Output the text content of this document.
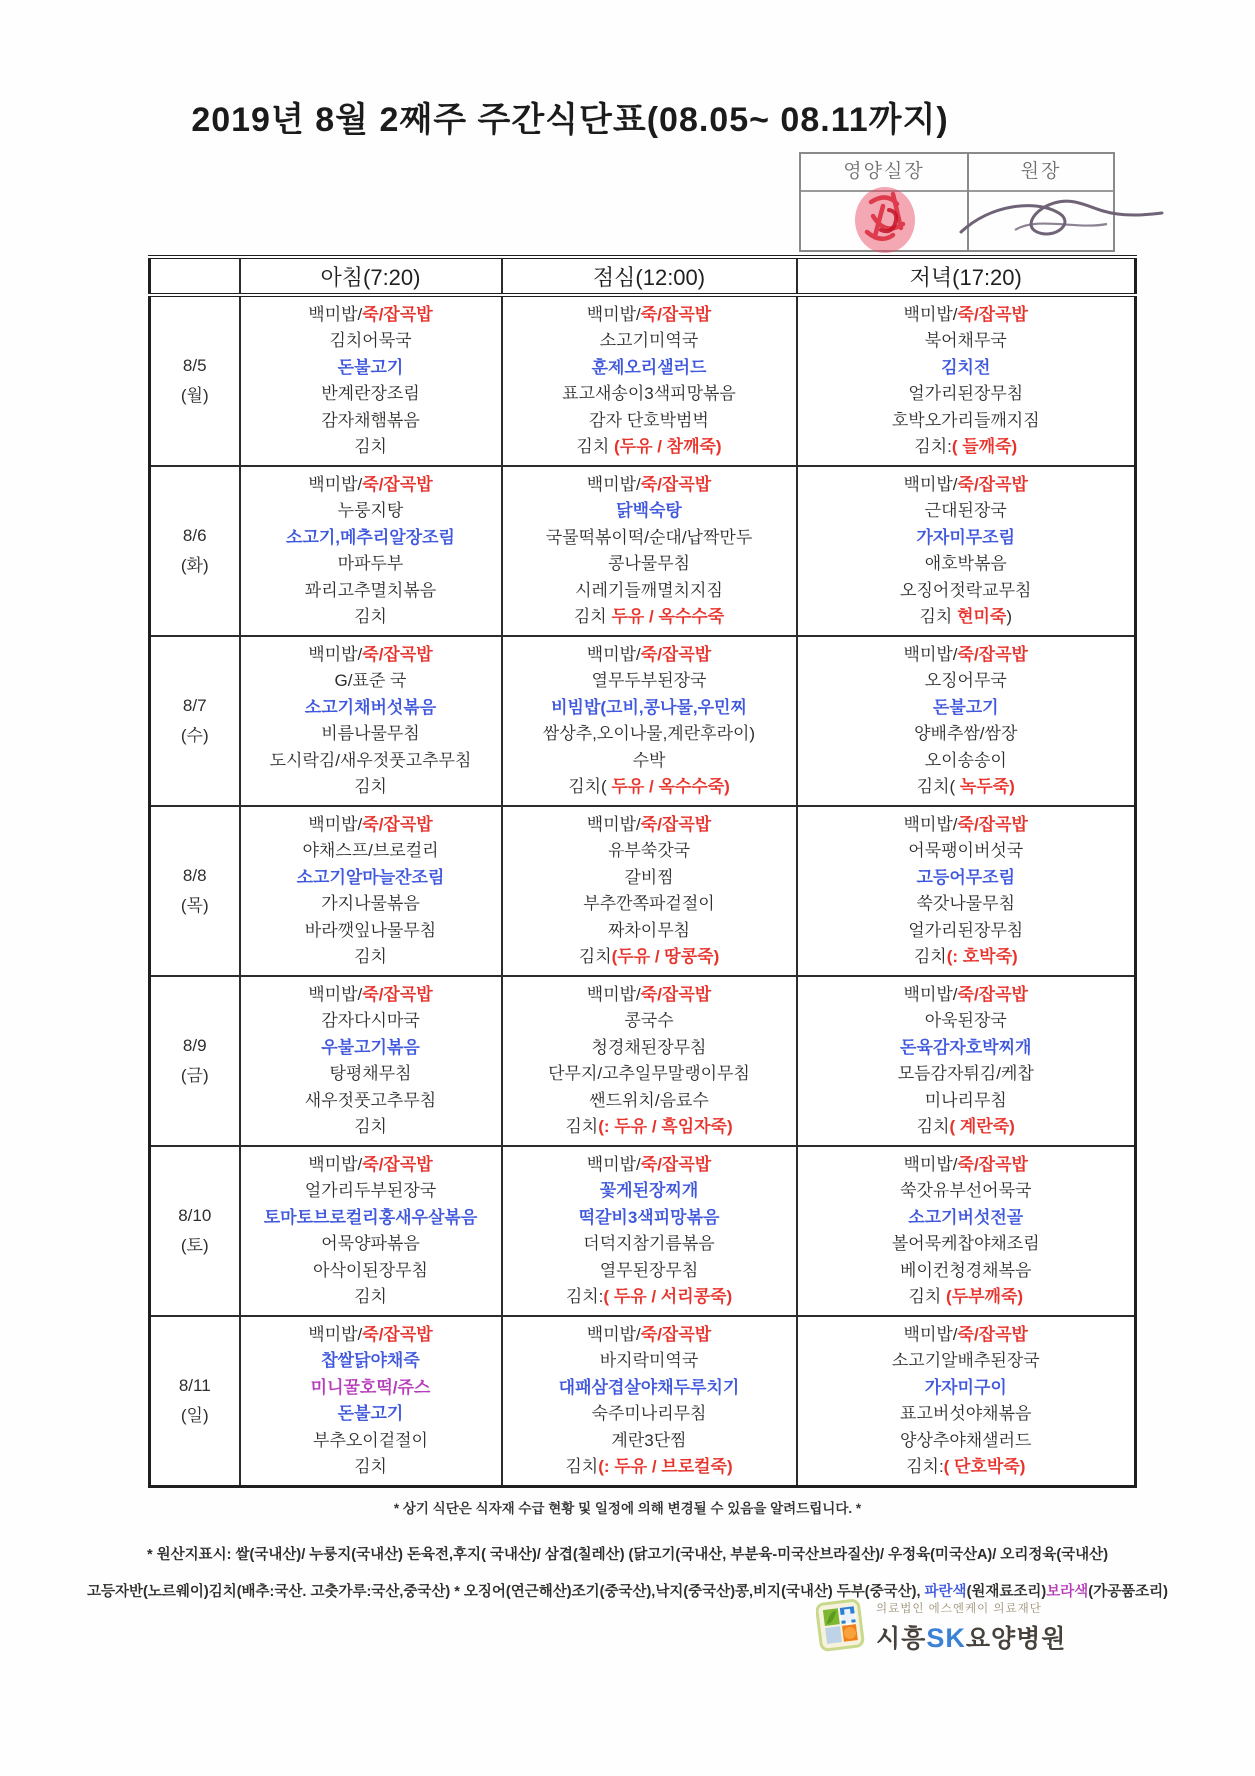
2019년 8월 2째주 주간식단표(08.05~ 08.11까지)
영양실장	원장
	아침(7:20)	점심(12:00)	저녁(17:20)

8/5
(월)

백미밥/죽/잡곡밥
김치어묵국
돈불고기
반계란장조림
감자채햄볶음
김치

백미밥/죽/잡곡밥
소고기미역국
훈제오리샐러드
표고새송이3색피망볶음
감자 단호박범벅
김치 (두유 / 참깨죽)

백미밥/죽/잡곡밥
북어채무국
김치전
얼가리된장무침
호박오가리들깨지짐
김치:( 들깨죽)

8/6
(화)

백미밥/죽/잡곡밥
누룽지탕
소고기,메추리알장조림
마파두부
꽈리고추멸치볶음
김치

백미밥/죽/잡곡밥
닭백숙탕
국물떡볶이떡/순대/납짝만두
콩나물무침
시레기들깨멸치지짐
김치 두유 / 옥수수죽

백미밥/죽/잡곡밥
근대된장국
가자미무조림
애호박볶음
오징어젓락교무침
김치 현미죽)

8/7
(수)

백미밥/죽/잡곡밥
G/표준 국
소고기채버섯볶음
비름나물무침
도시락김/새우젓풋고추무침
김치

백미밥/죽/잡곡밥
열무두부된장국
비빔밥(고비,콩나물,우민찌
쌈상추,오이나물,계란후라이)
수박
김치( 두유 / 옥수수죽)

백미밥/죽/잡곡밥
오징어무국
돈불고기
양배추쌈/쌈장
오이송송이
김치( 녹두죽)

8/8
(목)

백미밥/죽/잡곡밥
야채스프/브로컬리
소고기알마늘잔조림
가지나물볶음
바라깻잎나물무침
김치

백미밥/죽/잡곡밥
유부쑥갓국
갈비찜
부추깐쪽파겉절이
짜차이무침
김치(두유 / 땅콩죽)

백미밥/죽/잡곡밥
어묵팽이버섯국
고등어무조림
쑥갓나물무침
얼가리된장무침
김치(: 호박죽)

8/9
(금)

백미밥/죽/잡곡밥
감자다시마국
우불고기볶음
탕평채무침
새우젓풋고추무침
김치

백미밥/죽/잡곡밥
콩국수
청경채된장무침
단무지/고추일무말랭이무침
쌘드위치/음료수
김치(: 두유 / 흑임자죽)

백미밥/죽/잡곡밥
아욱된장국
돈육감자호박찌개
모듬감자튀김/케찹
미나리무침
김치( 계란죽)

8/10
(토)

백미밥/죽/잡곡밥
얼가리두부된장국
토마토브로컬리홍새우살볶음
어묵양파볶음
아삭이된장무침
김치

백미밥/죽/잡곡밥
꽃게된장찌개
떡갈비3색피망볶음
더덕지참기름볶음
열무된장무침
김치:( 두유 / 서리콩죽)

백미밥/죽/잡곡밥
쑥갓유부선어묵국
소고기버섯전골
볼어묵케찹야채조림
베이컨청경채복음
김치 (두부깨죽)

8/11
(일)

백미밥/죽/잡곡밥
찹쌀닭야채죽
미니꿀호떡/쥬스
돈불고기
부추오이겉절이
김치

백미밥/죽/잡곡밥
바지락미역국
대패삼겹살야채두루치기
숙주미나리무침
계란3단찜
김치(: 두유 / 브로컬죽)

백미밥/죽/잡곡밥
소고기알배추된장국
가자미구이
표고버섯야채볶음
양상추야채샐러드
김치:( 단호박죽)
* 상기 식단은 식자재 수급 현황 및 일정에 의해 변경될 수 있음을 알려드립니다. *
* 원산지표시: 쌀(국내산)/ 누룽지(국내산) 돈육전,후지( 국내산)/ 삼겹(칠레산) (닭고기(국내산, 부분육-미국산브라질산)/ 우정육(미국산A)/ 오리정육(국내산)
고등자반(노르웨이)김치(배추:국산. 고춧가루:국산,중국산) * 오징어(연근해산)조기(중국산),낙지(중국산)콩,비지(국내산) 두부(중국산), 파란색(원재료조리)보라색(가공품조리)
의료법인 에스엔케이 의료재단
시흥SK요양병원
